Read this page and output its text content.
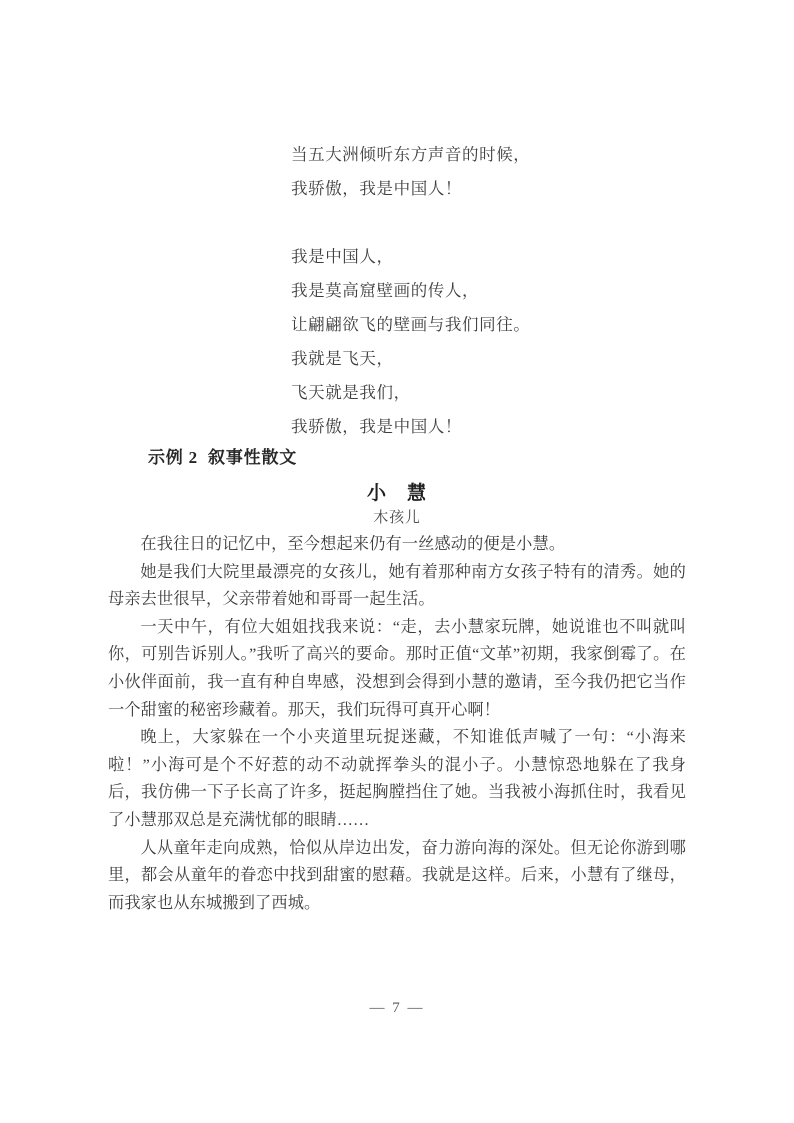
当五大洲倾听东方声音的时候，
我骄傲，我是中国人！
我是中国人，
我是莫高窟壁画的传人，
让翩翩欲飞的壁画与我们同往。
我就是飞天，
飞天就是我们，
我骄傲，我是中国人！
示例 2  叙事性散文
小　慧
木孩儿

在我往日的记忆中，至今想起来仍有一丝感动的便是小慧。

她是我们大院里最漂亮的女孩儿，她有着那种南方女孩子特有的清秀。她的母亲去世很早，父亲带着她和哥哥一起生活。

一天中午，有位大姐姐找我来说：“走，去小慧家玩牌，她说谁也不叫就叫你，可别告诉别人。”我听了高兴的要命。那时正值“文革”初期，我家倒霉了。在小伙伴面前，我一直有种自卑感，没想到会得到小慧的邀请，至今我仍把它当作一个甜蜜的秘密珍藏着。那天，我们玩得可真开心啊！

晚上，大家躲在一个小夹道里玩捉迷藏，不知谁低声喊了一句：“小海来啦！”小海可是个不好惹的动不动就挥拳头的混小子。小慧惊恐地躲在了我身后，我仿佛一下子长高了许多，挺起胸膛挡住了她。当我被小海抓住时，我看见了小慧那双总是充满忧郁的眼睛……

人从童年走向成熟，恰似从岸边出发，奋力游向海的深处。但无论你游到哪里，都会从童年的眷恋中找到甜蜜的慰藉。我就是这样。后来，小慧有了继母，而我家也从东城搬到了西城。

— 7 —
